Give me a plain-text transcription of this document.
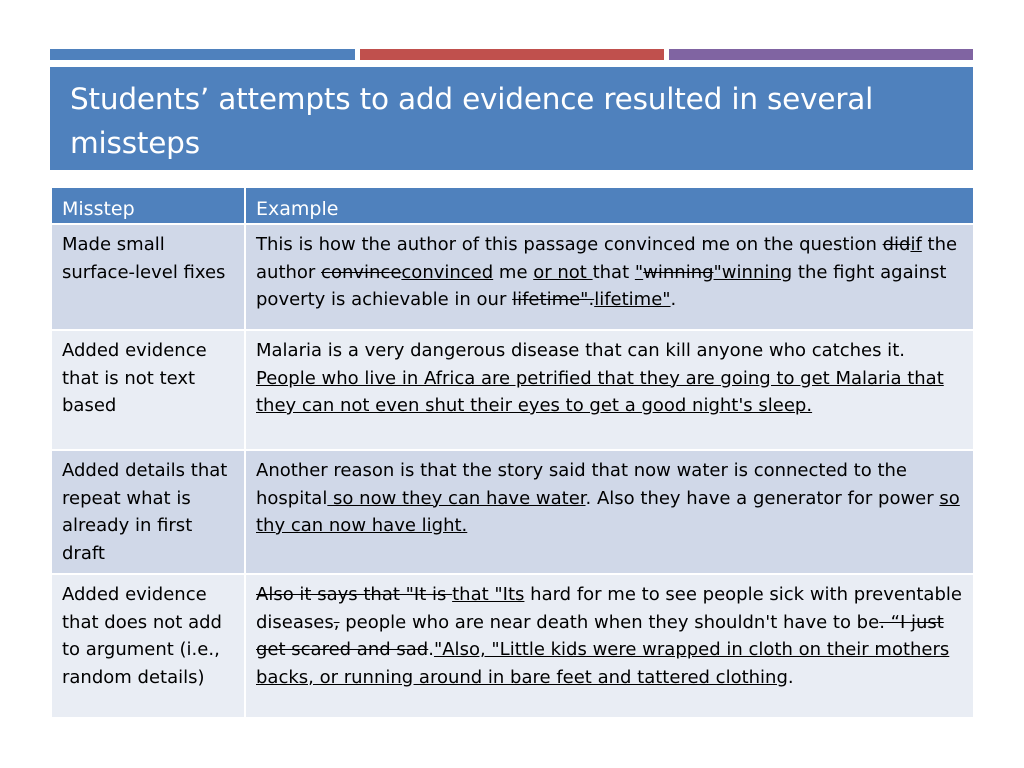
Students’ attempts to add evidence resulted in several missteps
Misstep	Example
Made small surface-level fixes	This is how the author of this passage convinced me on the question didif the author convinceconvinced me or not that "winning"winning the fight against poverty is achievable in our lifetime".lifetime".
Added evidence that is not text based	Malaria is a very dangerous disease that can kill anyone who catches it. People who live in Africa are petrified that they are going to get Malaria that they can not even shut their eyes to get a good night's sleep.
Added details that repeat what is already in first draft	Another reason is that the story said that now water is connected to the hospital so now they can have water. Also they have a generator for power so thy can now have light.
Added evidence that does not add to argument (i.e., random details)	Also it says that "It is that "Its hard for me to see people sick with preventable diseases, people who are near death when they shouldn't have to be. “I just get scared and sad."Also, "Little kids were wrapped in cloth on their mothers backs, or running around in bare feet and tattered clothing.
